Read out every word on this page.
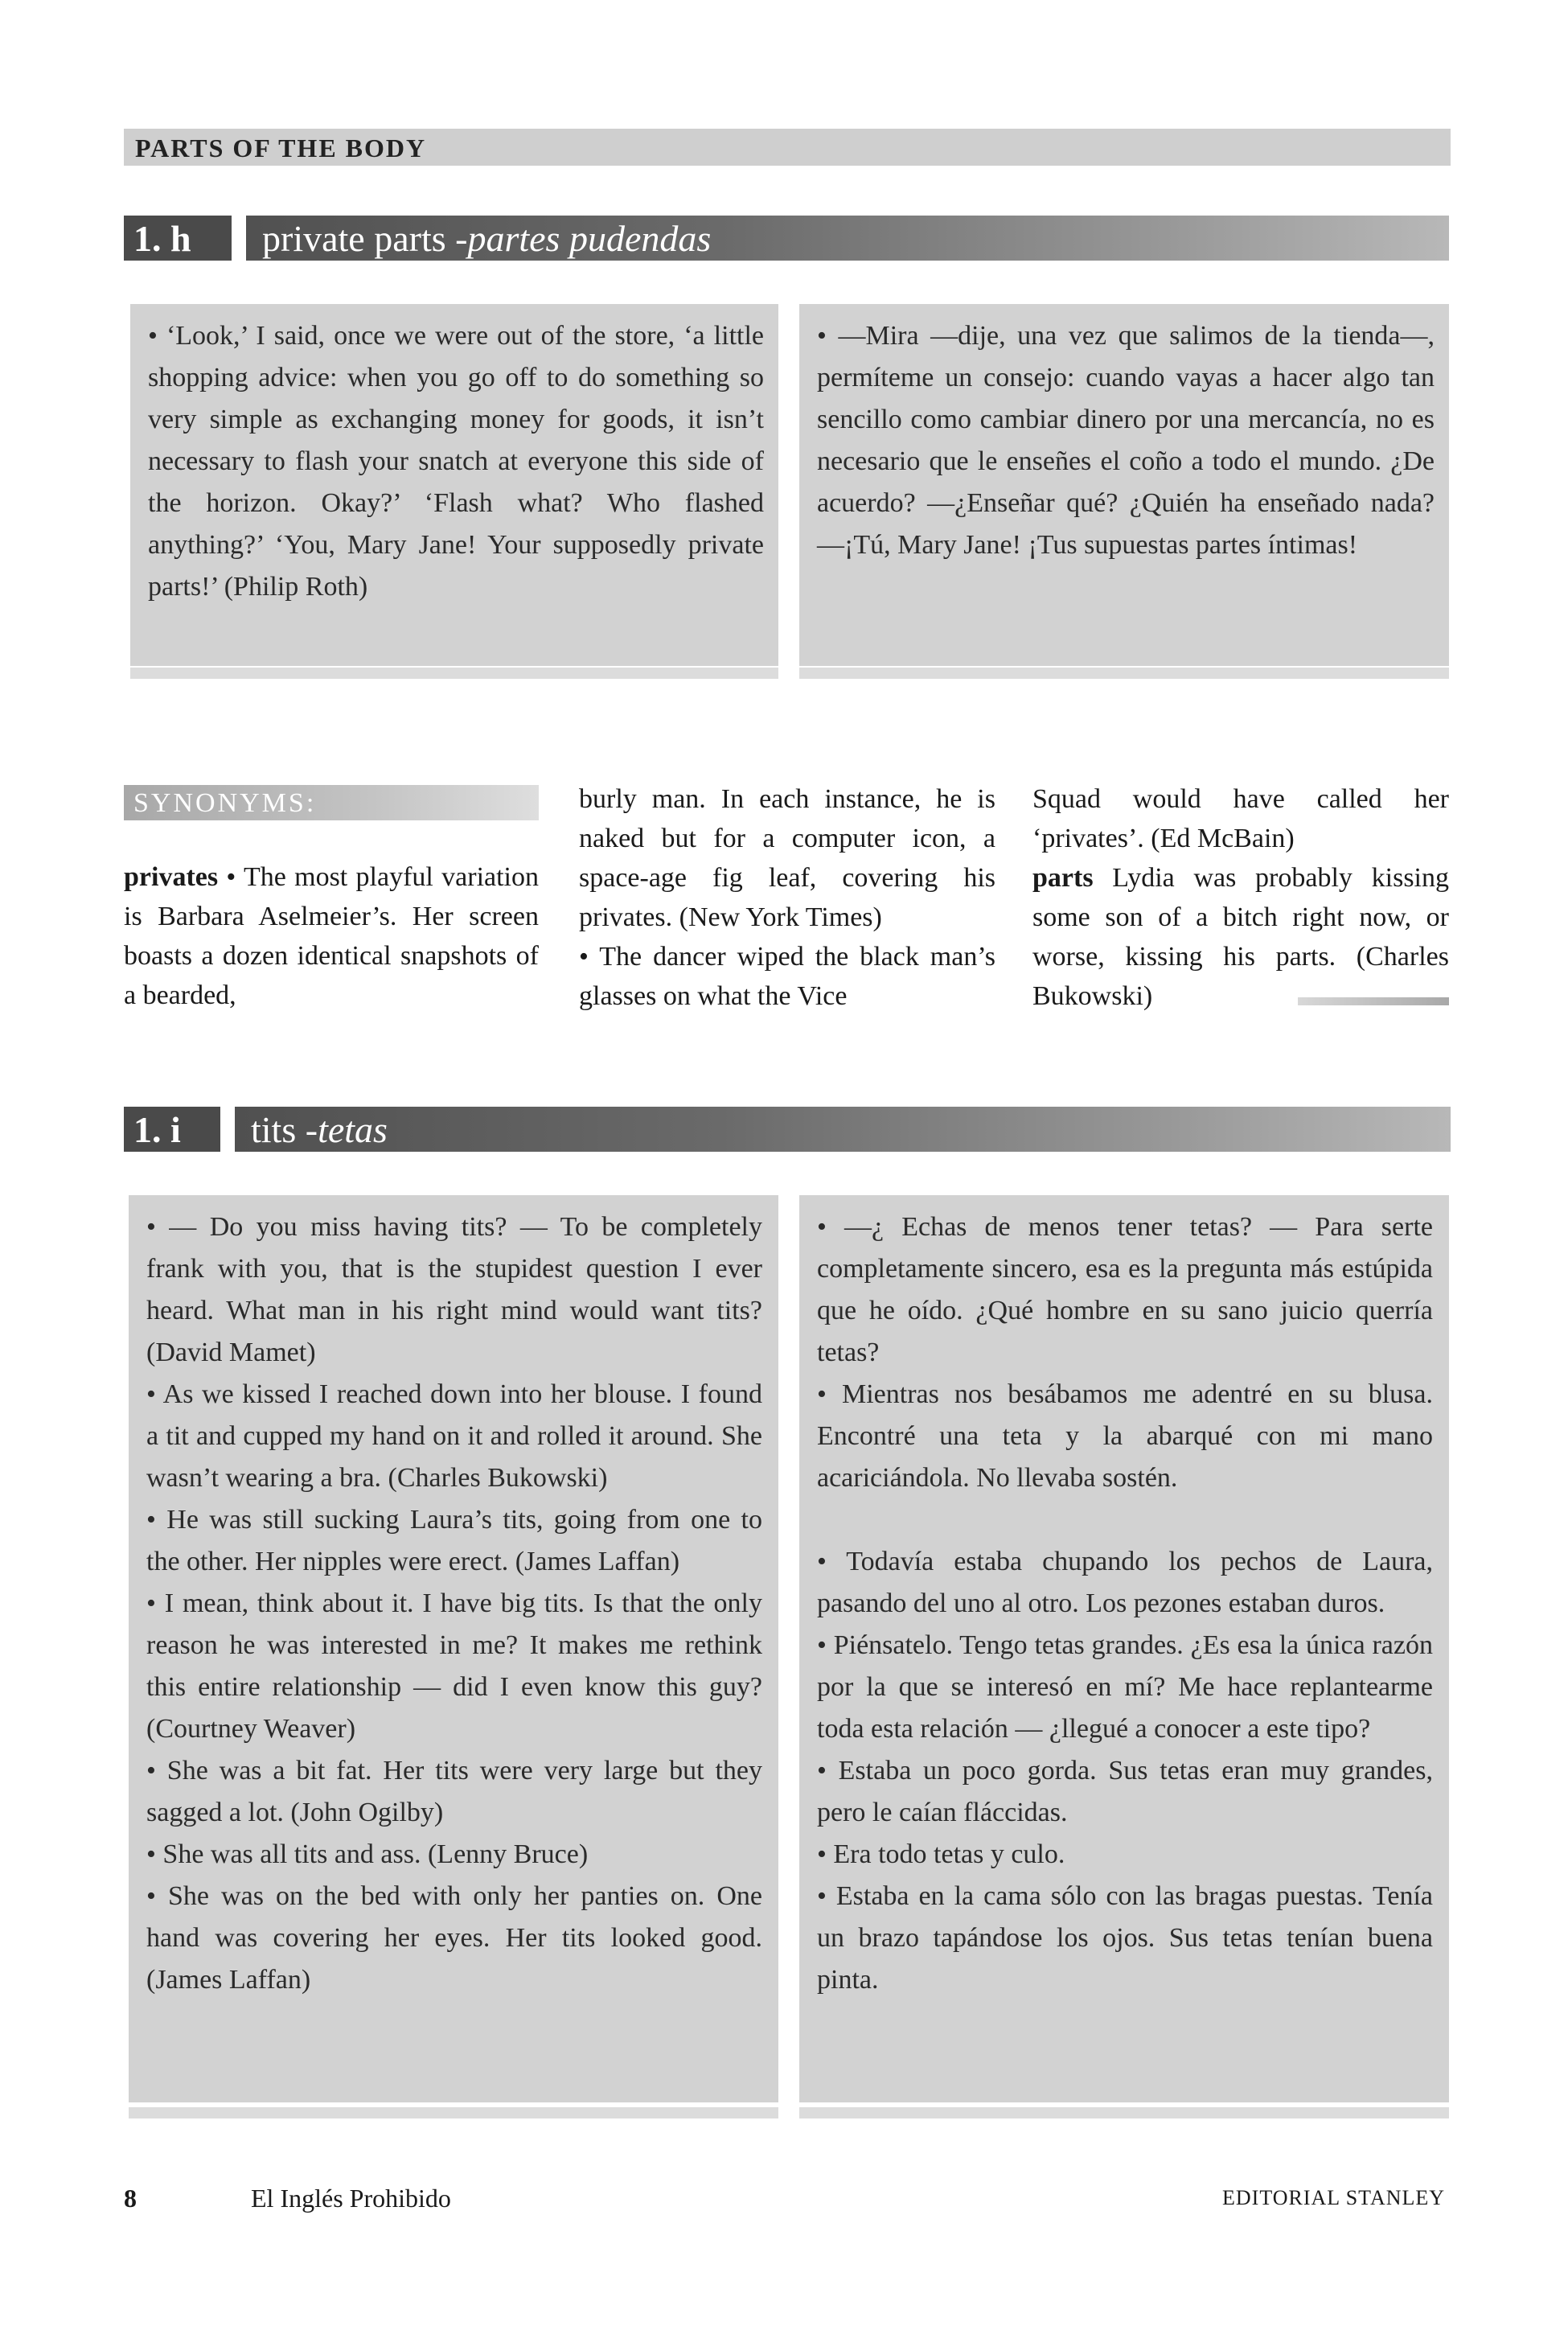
PARTS OF THE BODY
1. h	private parts -partes pudendas

• ‘Look,’ I said, once we were out of the store, ‘a little shopping advice: when you go off to do something so very simple as exchanging money for goods, it isn’t necessary to flash your snatch at everyone this side of the horizon. Okay?’ ‘Flash what? Who flashed anything?’ ‘You, Mary Jane! Your supposedly private parts!’ (Philip Roth)

• —Mira —dije, una vez que salimos de la tienda—, permíteme un consejo: cuando vayas a hacer algo tan sencillo como cambiar dinero por una mercancía, no es necesario que le enseñes el coño a todo el mundo. ¿De acuerdo? —¿Enseñar qué? ¿Quién ha enseñado nada? —¡Tú, Mary Jane! ¡Tus supuestas partes íntimas!

SYNONYMS:

privates • The most playful variation is Barbara Aselmeier’s. Her screen boasts a dozen identical snapshots of a bearded,

burly man. In each instance, he is naked but for a computer icon, a space-age fig leaf, covering his privates. (New York Times)

• The dancer wiped the black man’s glasses on what the Vice

Squad would have called her ‘privates’. (Ed McBain)

parts Lydia was probably kissing some son of a bitch right now, or worse, kissing his parts. (Charles Bukowski)

1. i	tits -tetas

• — Do you miss having tits? — To be completely frank with you, that is the stupidest question I ever heard. What man in his right mind would want tits? (David Mamet)

• As we kissed I reached down into her blouse. I found a tit and cupped my hand on it and rolled it around. She wasn’t wearing a bra. (Charles Bukowski)

• He was still sucking Laura’s tits, going from one to the other. Her nipples were erect. (James Laffan)

• I mean, think about it. I have big tits. Is that the only reason he was interested in me? It makes me rethink this entire relationship — did I even know this guy? (Courtney Weaver)

• She was a bit fat. Her tits were very large but they sagged a lot. (John Ogilby)

• She was all tits and ass. (Lenny Bruce)

• She was on the bed with only her panties on. One hand was covering her eyes. Her tits looked good. (James Laffan)

• —¿ Echas de menos tener tetas? — Para serte completamente sincero, esa es la pregunta más estúpida que he oído. ¿Qué hombre en su sano juicio querría tetas?

• Mientras nos besábamos me adentré en su blusa. Encontré una teta y la abarqué con mi mano acariciándola. No llevaba sostén.

• Todavía estaba chupando los pechos de Laura, pasando del uno al otro. Los pezones estaban duros.

• Piénsatelo. Tengo tetas grandes. ¿Es esa la única razón por la que se interesó en mí? Me hace replantearme toda esta relación — ¿llegué a conocer a este tipo?

• Estaba un poco gorda. Sus tetas eran muy grandes, pero le caían fláccidas.

• Era todo tetas y culo.

• Estaba en la cama sólo con las bragas puestas. Tenía un brazo tapándose los ojos. Sus tetas tenían buena pinta.

8	El Inglés Prohibido	EDITORIAL STANLEY
